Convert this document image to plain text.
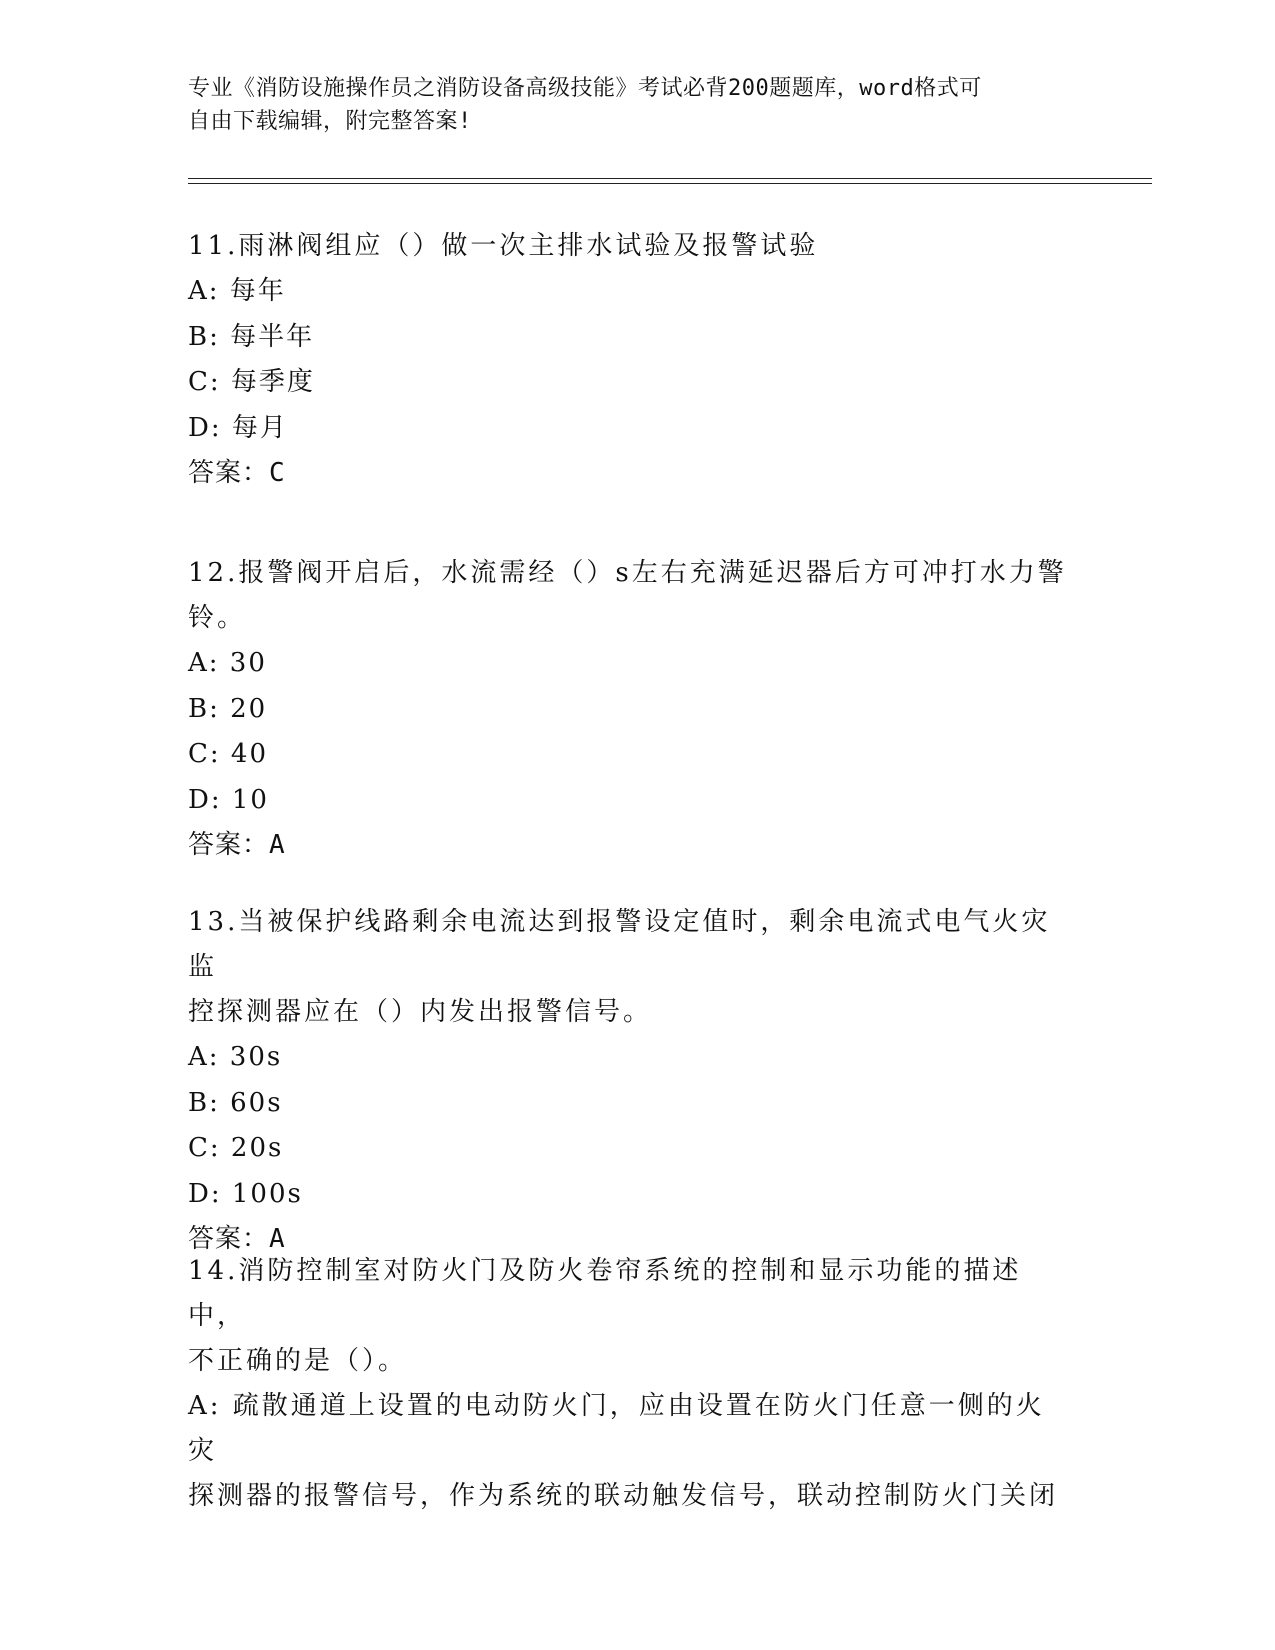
专业《消防设施操作员之消防设备高级技能》考试必背200题题库，word格式可
自由下载编辑，附完整答案!

11.雨淋阀组应（）做一次主排水试验及报警试验

A: 每年

B: 每半年

C: 每季度

D: 每月

答案：C

12.报警阀开启后，水流需经（）s左右充满延迟器后方可冲打水力警

铃。

A: 30

B: 20

C: 40

D: 10

答案：A

13.当被保护线路剩余电流达到报警设定值时，剩余电流式电气火灾监

控探测器应在（）内发出报警信号。

A: 30s

B: 60s

C: 20s

D: 100s

答案：A

14.消防控制室对防火门及防火卷帘系统的控制和显示功能的描述中，

不正确的是（）。

A: 疏散通道上设置的电动防火门，应由设置在防火门任意一侧的火灾

探测器的报警信号，作为系统的联动触发信号，联动控制防火门关闭
